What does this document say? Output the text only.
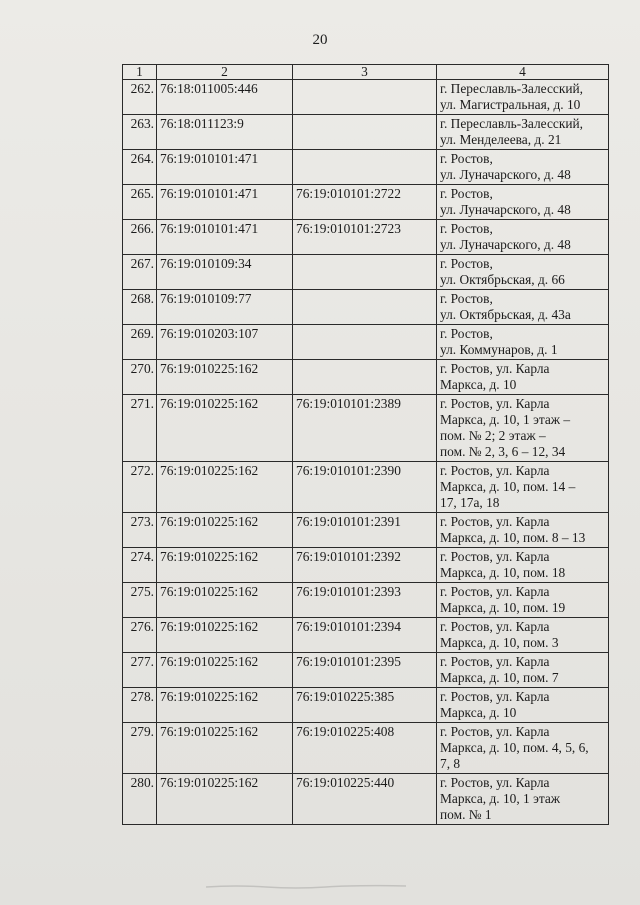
20
1	2	3	4
262.	76:18:011005:446		г. Переславль-Залесский,
ул. Магистральная, д. 10

263.	76:18:011123:9		г. Переславль-Залесский,
ул. Менделеева, д. 21

264.	76:19:010101:471		г. Ростов,
ул. Луначарского, д. 48

265.	76:19:010101:471	76:19:010101:2722	г. Ростов,
ул. Луначарского, д. 48

266.	76:19:010101:471	76:19:010101:2723	г. Ростов,
ул. Луначарского, д. 48

267.	76:19:010109:34		г. Ростов,
ул. Октябрьская, д. 66

268.	76:19:010109:77		г. Ростов,
ул. Октябрьская, д. 43а

269.	76:19:010203:107		г. Ростов,
ул. Коммунаров, д. 1

270.	76:19:010225:162		г. Ростов, ул. Карла
Маркса, д. 10

271.	76:19:010225:162	76:19:010101:2389	г. Ростов, ул. Карла
Маркса, д. 10, 1 этаж –
пом. № 2; 2 этаж –
пом. № 2, 3, 6 – 12, 34

272.	76:19:010225:162	76:19:010101:2390	г. Ростов, ул. Карла
Маркса, д. 10, пом. 14 –
17, 17а, 18

273.	76:19:010225:162	76:19:010101:2391	г. Ростов, ул. Карла
Маркса, д. 10, пом. 8 – 13

274.	76:19:010225:162	76:19:010101:2392	г. Ростов, ул. Карла
Маркса, д. 10, пом. 18

275.	76:19:010225:162	76:19:010101:2393	г. Ростов, ул. Карла
Маркса, д. 10, пом. 19

276.	76:19:010225:162	76:19:010101:2394	г. Ростов, ул. Карла
Маркса, д. 10, пом. 3

277.	76:19:010225:162	76:19:010101:2395	г. Ростов, ул. Карла
Маркса, д. 10, пом. 7

278.	76:19:010225:162	76:19:010225:385	г. Ростов, ул. Карла
Маркса, д. 10

279.	76:19:010225:162	76:19:010225:408	г. Ростов, ул. Карла
Маркса, д. 10, пом. 4, 5, 6,
7, 8

280.	76:19:010225:162	76:19:010225:440	г. Ростов, ул. Карла
Маркса, д. 10, 1 этаж
пом. № 1
